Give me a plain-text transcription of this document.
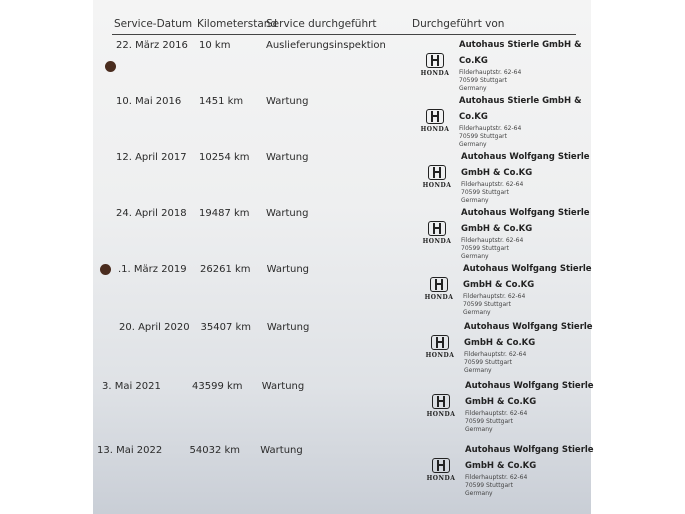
Service-Datum Kilometerstand
Service durchgeführt	Durchgeführt von
22. März 2016 10 km	Auslieferungsinspektion
HONDA
Autohaus Stierle GmbH &
Co.KG
Filderhauptstr. 62-64
70599 Stuttgart
Germany
10. Mai 2016 1451 km Wartung
HONDA
Autohaus Stierle GmbH &
Co.KG
Filderhauptstr. 62-64
70599 Stuttgart
Germany
12. April 2017 10254 km Wartung
HONDA
Autohaus Wolfgang Stierle
GmbH & Co.KG
Filderhauptstr. 62-64
70599 Stuttgart
Germany
24. April 2018 19487 km Wartung
HONDA
Autohaus Wolfgang Stierle
GmbH & Co.KG
Filderhauptstr. 62-64
70599 Stuttgart
Germany
.1. März 2019 26261 km Wartung
HONDA
Autohaus Wolfgang Stierle
GmbH & Co.KG
Filderhauptstr. 62-64
70599 Stuttgart
Germany
20. April 2020 35407 km Wartung
HONDA
Autohaus Wolfgang Stierle
GmbH & Co.KG
Filderhauptstr. 62-64
70599 Stuttgart
Germany
3. Mai 2021	43599 km Wartung
HONDA
Autohaus Wolfgang Stierle
GmbH & Co.KG
Filderhauptstr. 62-64
70599 Stuttgart
Germany
13. Mai 2022	54032 km Wartung
HONDA
Autohaus Wolfgang Stierle
GmbH & Co.KG
Filderhauptstr. 62-64
70599 Stuttgart
Germany
